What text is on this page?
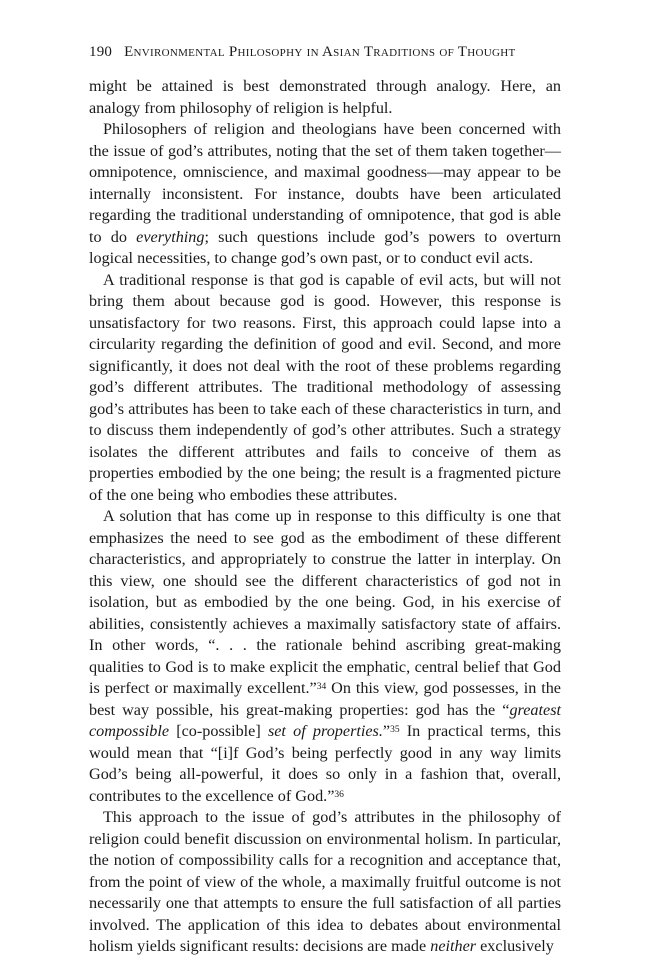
190 Environmental Philosophy in Asian Traditions of Thought

might be attained is best demonstrated through analogy. Here, an analogy from philosophy of religion is helpful.

Philosophers of religion and theologians have been concerned with the issue of god’s attributes, noting that the set of them taken together—omnipotence, omniscience, and maximal goodness—may appear to be internally inconsistent. For instance, doubts have been articulated regarding the traditional understanding of omnipotence, that god is able to do everything; such questions include god’s powers to overturn logical necessities, to change god’s own past, or to conduct evil acts.

A traditional response is that god is capable of evil acts, but will not bring them about because god is good. However, this response is unsatisfactory for two reasons. First, this approach could lapse into a circularity regarding the definition of good and evil. Second, and more significantly, it does not deal with the root of these problems regarding god’s different attributes. The traditional methodology of assessing god’s attributes has been to take each of these characteristics in turn, and to discuss them independently of god’s other attributes. Such a strategy isolates the different attributes and fails to conceive of them as properties embodied by the one being; the result is a fragmented picture of the one being who embodies these attributes.

A solution that has come up in response to this difficulty is one that emphasizes the need to see god as the embodiment of these different characteristics, and appropriately to construe the latter in interplay. On this view, one should see the different characteristics of god not in isolation, but as embodied by the one being. God, in his exercise of abilities, consistently achieves a maximally satisfactory state of affairs. In other words, “. . . the rationale behind ascribing great-making qualities to God is to make explicit the emphatic, central belief that God is perfect or maximally excellent.”$^{34}$ On this view, god possesses, in the best way possible, his great-making properties: god has the “greatest compossible [co-possible] set of properties.”$^{35}$ In practical terms, this would mean that “[i]f God’s being perfectly good in any way limits God’s being all-powerful, it does so only in a fashion that, overall, contributes to the excellence of God.”$^{36}$

This approach to the issue of god’s attributes in the philosophy of religion could benefit discussion on environmental holism. In particular, the notion of compossibility calls for a recognition and acceptance that, from the point of view of the whole, a maximally fruitful outcome is not necessarily one that attempts to ensure the full satisfaction of all parties involved. The application of this idea to debates about environmental holism yields significant results: decisions are made neither exclusively
